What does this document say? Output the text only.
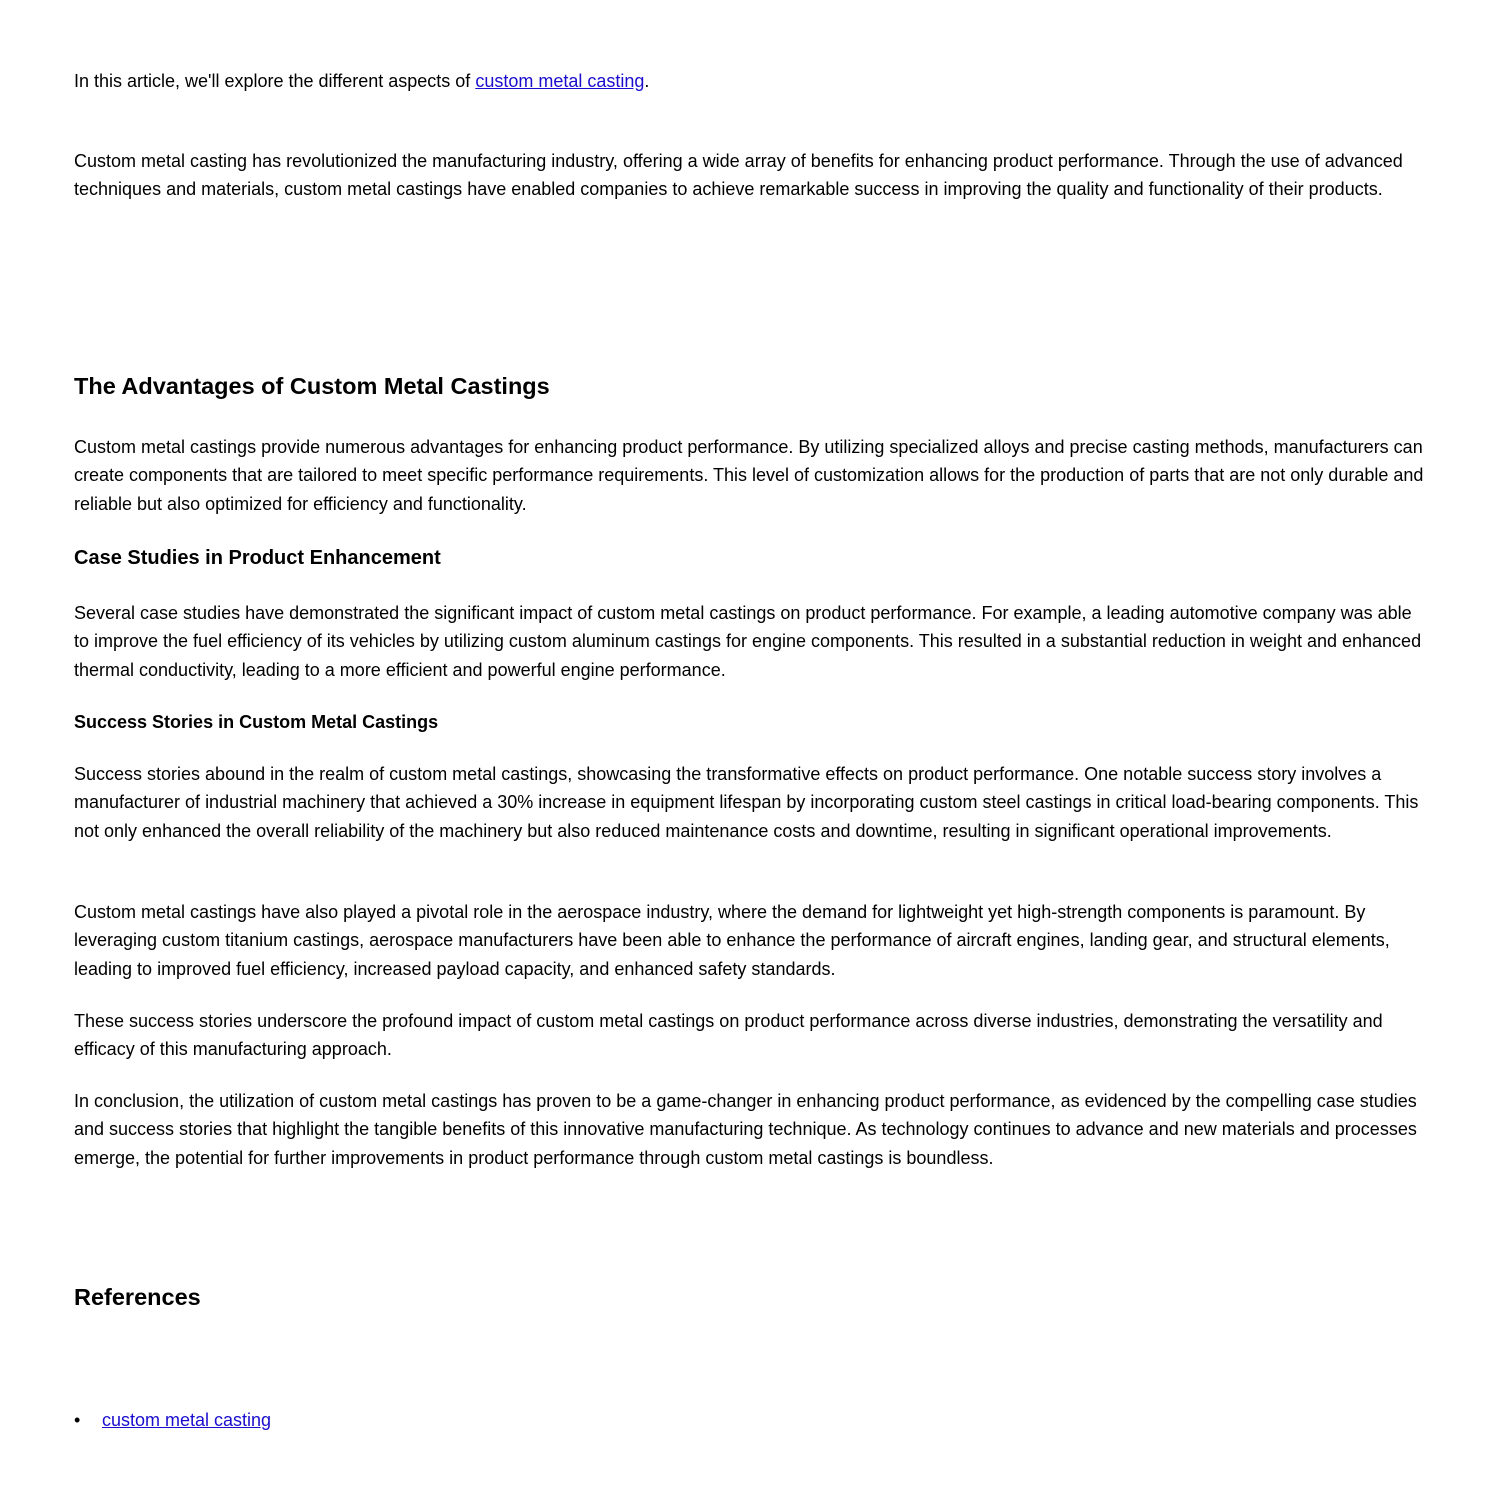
In this article, we'll explore the different aspects of custom metal casting.

Custom metal casting has revolutionized the manufacturing industry, offering a wide array of benefits for enhancing product performance. Through the use of advanced techniques and materials, custom metal castings have enabled companies to achieve remarkable success in improving the quality and functionality of their products.

The Advantages of Custom Metal Castings

Custom metal castings provide numerous advantages for enhancing product performance. By utilizing specialized alloys and precise casting methods, manufacturers can create components that are tailored to meet specific performance requirements. This level of customization allows for the production of parts that are not only durable and reliable but also optimized for efficiency and functionality.

Case Studies in Product Enhancement

Several case studies have demonstrated the significant impact of custom metal castings on product performance. For example, a leading automotive company was able to improve the fuel efficiency of its vehicles by utilizing custom aluminum castings for engine components. This resulted in a substantial reduction in weight and enhanced thermal conductivity, leading to a more efficient and powerful engine performance.

Success Stories in Custom Metal Castings

Success stories abound in the realm of custom metal castings, showcasing the transformative effects on product performance. One notable success story involves a manufacturer of industrial machinery that achieved a 30% increase in equipment lifespan by incorporating custom steel castings in critical load-bearing components. This not only enhanced the overall reliability of the machinery but also reduced maintenance costs and downtime, resulting in significant operational improvements.

Custom metal castings have also played a pivotal role in the aerospace industry, where the demand for lightweight yet high-strength components is paramount. By leveraging custom titanium castings, aerospace manufacturers have been able to enhance the performance of aircraft engines, landing gear, and structural elements, leading to improved fuel efficiency, increased payload capacity, and enhanced safety standards.

These success stories underscore the profound impact of custom metal castings on product performance across diverse industries, demonstrating the versatility and efficacy of this manufacturing approach.

In conclusion, the utilization of custom metal castings has proven to be a game-changer in enhancing product performance, as evidenced by the compelling case studies and success stories that highlight the tangible benefits of this innovative manufacturing technique. As technology continues to advance and new materials and processes emerge, the potential for further improvements in product performance through custom metal castings is boundless.

References
• custom metal casting
